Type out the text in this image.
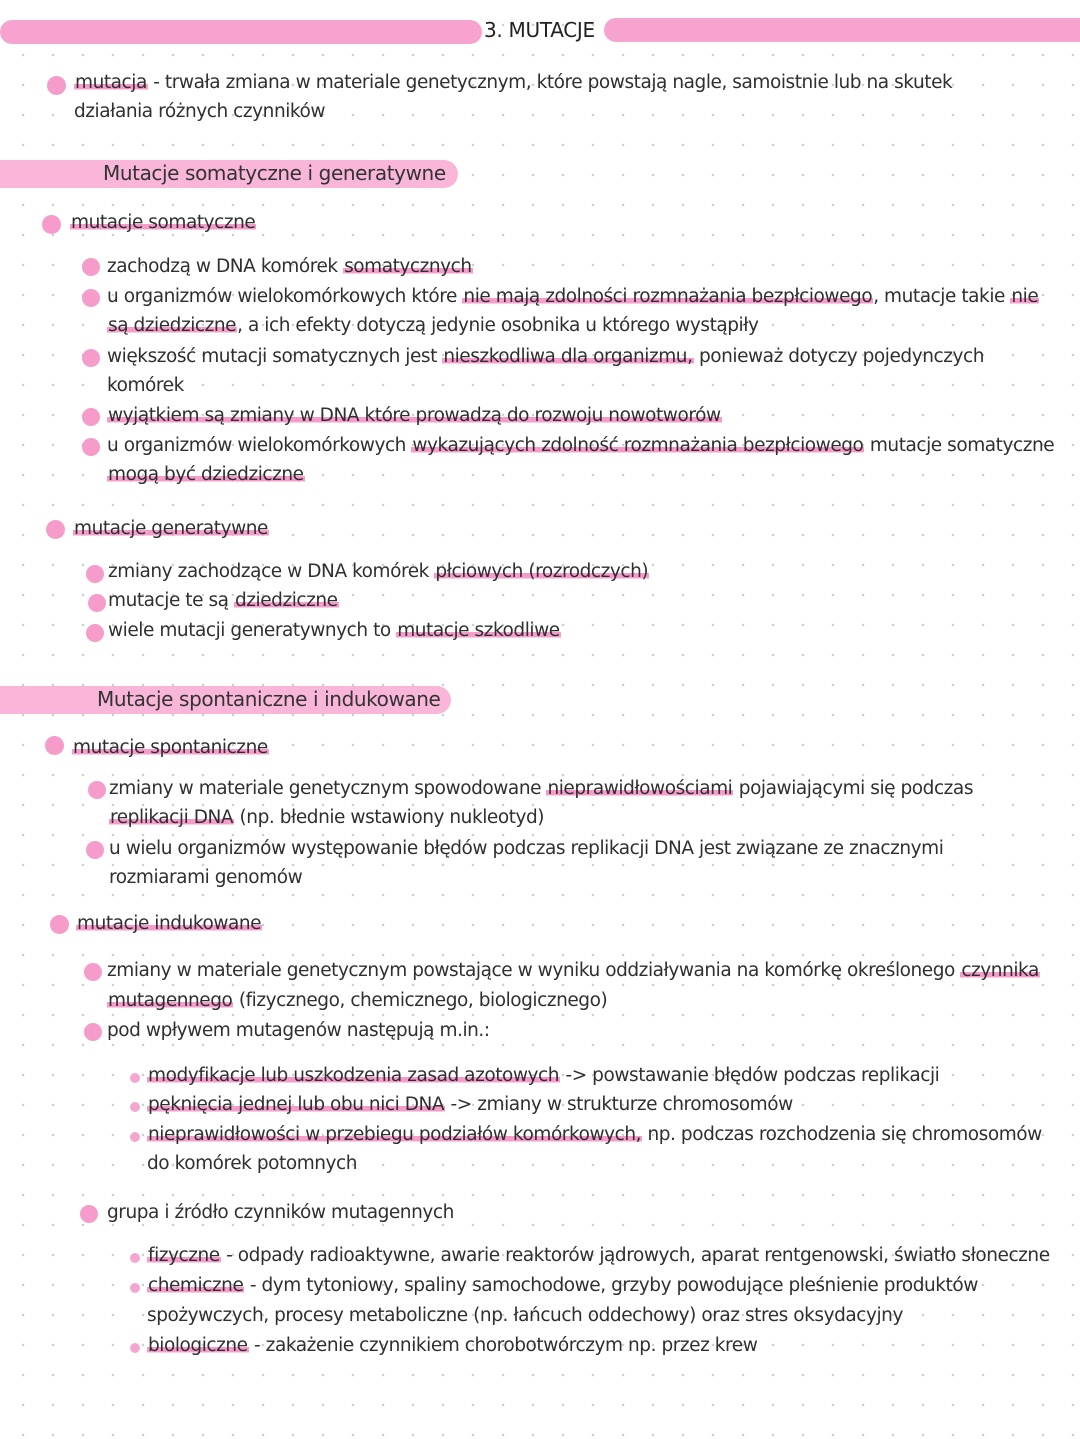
3. MUTACJE
mutacja - trwała zmiana w materiale genetycznym, które powstają nagle, samoistnie lub na skutek
działania różnych czynników
Mutacje somatyczne i generatywne
mutacje somatyczne
zachodzą w DNA komórek somatycznych
u organizmów wielokomórkowych które nie mają zdolności rozmnażania bezpłciowego, mutacje takie nie
są dziedziczne, a ich efekty dotyczą jedynie osobnika u którego wystąpiły
większość mutacji somatycznych jest nieszkodliwa dla organizmu, ponieważ dotyczy pojedynczych
komórek
wyjątkiem są zmiany w DNA które prowadzą do rozwoju nowotworów
u organizmów wielokomórkowych wykazujących zdolność rozmnażania bezpłciowego mutacje somatyczne
mogą być dziedziczne
mutacje generatywne
zmiany zachodzące w DNA komórek płciowych (rozrodczych)
mutacje te są dziedziczne
wiele mutacji generatywnych to mutacje szkodliwe
Mutacje spontaniczne i indukowane
mutacje spontaniczne
zmiany w materiale genetycznym spowodowane nieprawidłowościami pojawiającymi się podczas
replikacji DNA (np. błednie wstawiony nukleotyd)
u wielu organizmów występowanie błędów podczas replikacji DNA jest związane ze znacznymi
rozmiarami genomów
mutacje indukowane
zmiany w materiale genetycznym powstające w wyniku oddziaływania na komórkę określonego czynnika
mutagennego (fizycznego, chemicznego, biologicznego)
pod wpływem mutagenów następują m.in.:
modyfikacje lub uszkodzenia zasad azotowych -> powstawanie błędów podczas replikacji
pęknięcia jednej lub obu nici DNA -> zmiany w strukturze chromosomów
nieprawidłowości w przebiegu podziałów komórkowych, np. podczas rozchodzenia się chromosomów
do komórek potomnych
grupa i źródło czynników mutagennych
fizyczne - odpady radioaktywne, awarie reaktorów jądrowych, aparat rentgenowski, światło słoneczne
chemiczne - dym tytoniowy, spaliny samochodowe, grzyby powodujące pleśnienie produktów
spożywczych, procesy metaboliczne (np. łańcuch oddechowy) oraz stres oksydacyjny
biologiczne - zakażenie czynnikiem chorobotwórczym np. przez krew
